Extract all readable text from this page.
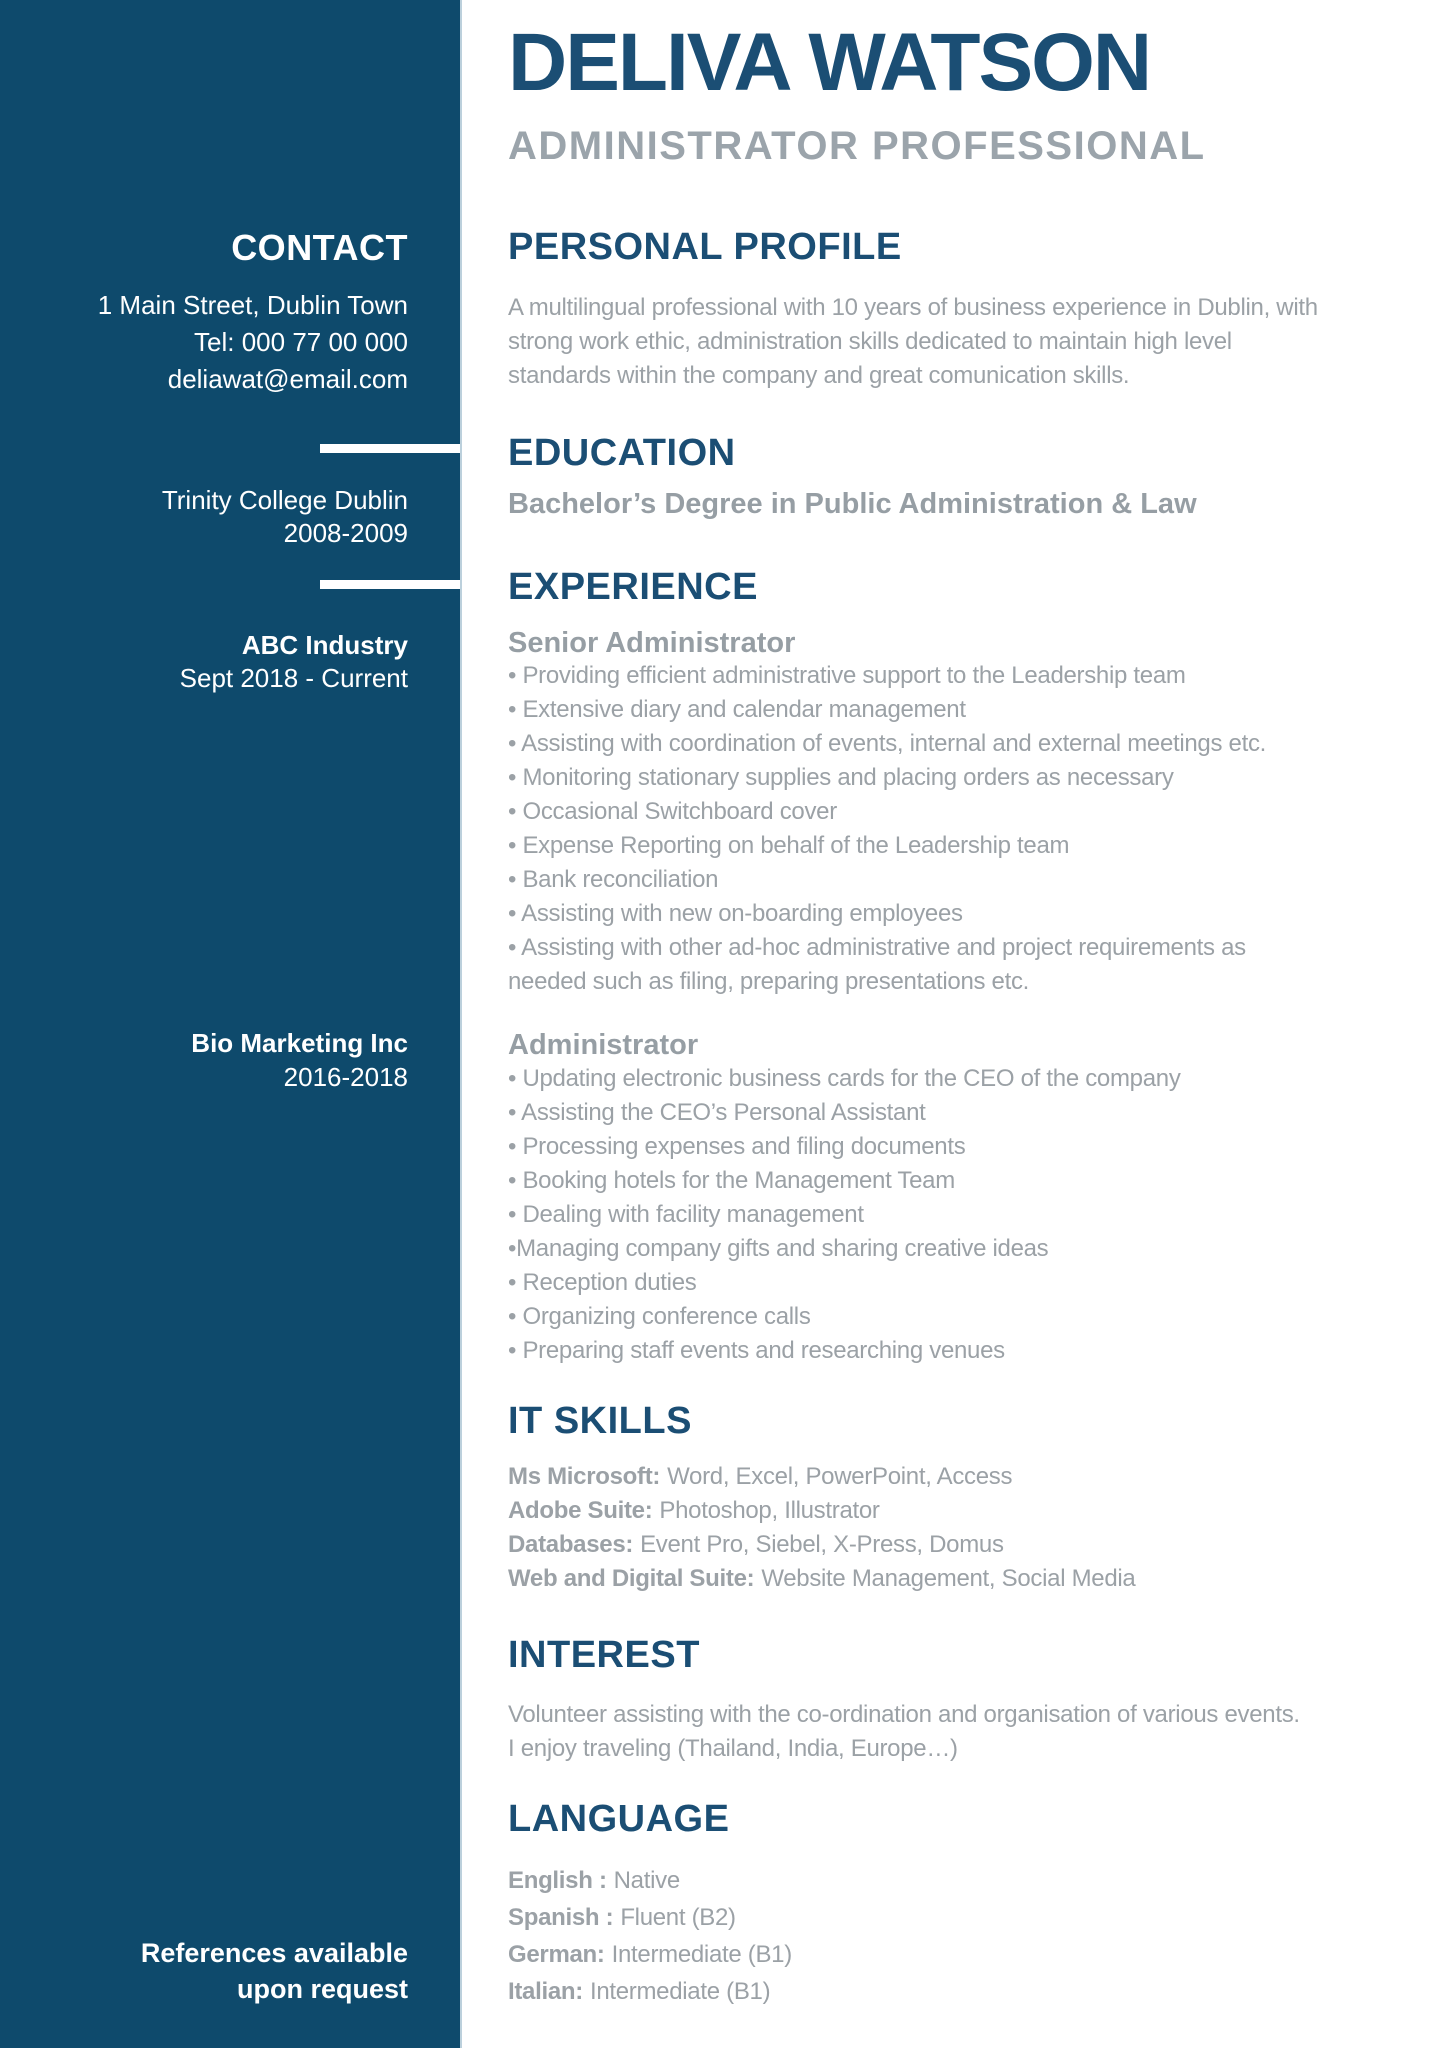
CONTACT
1 Main Street, Dublin Town
Tel: 000 77 00 000
deliawat@email.com
Trinity College Dublin
2008-2009
ABC Industry
Sept 2018 - Current
Bio Marketing Inc
2016-2018
References available
upon request
DELIVA WATSON
ADMINISTRATOR PROFESSIONAL
PERSONAL PROFILE
A multilingual professional with 10 years of business experience in Dublin, with
strong work ethic, administration skills dedicated to maintain high level
standards within the company and great comunication skills.
EDUCATION
Bachelor’s Degree in Public Administration & Law
EXPERIENCE
Senior Administrator
• Providing efficient administrative support to the Leadership team
• Extensive diary and calendar management
• Assisting with coordination of events, internal and external meetings etc.
• Monitoring stationary supplies and placing orders as necessary
• Occasional Switchboard cover
• Expense Reporting on behalf of the Leadership team
• Bank reconciliation
• Assisting with new on-boarding employees
• Assisting with other ad-hoc administrative and project requirements as
needed such as filing, preparing presentations etc.
Administrator
• Updating electronic business cards for the CEO of the company
• Assisting the CEO’s Personal Assistant
• Processing expenses and filing documents
• Booking hotels for the Management Team
• Dealing with facility management
•Managing company gifts and sharing creative ideas
• Reception duties
• Organizing conference calls
• Preparing staff events and researching venues
IT SKILLS
Ms Microsoft: Word, Excel, PowerPoint, Access
Adobe Suite: Photoshop, Illustrator
Databases: Event Pro, Siebel, X-Press, Domus
Web and Digital Suite: Website Management, Social Media
INTEREST
Volunteer assisting with the co-ordination and organisation of various events.
I enjoy traveling (Thailand, India, Europe…)
LANGUAGE
English : Native
Spanish : Fluent (B2)
German: Intermediate (B1)
Italian: Intermediate (B1)
